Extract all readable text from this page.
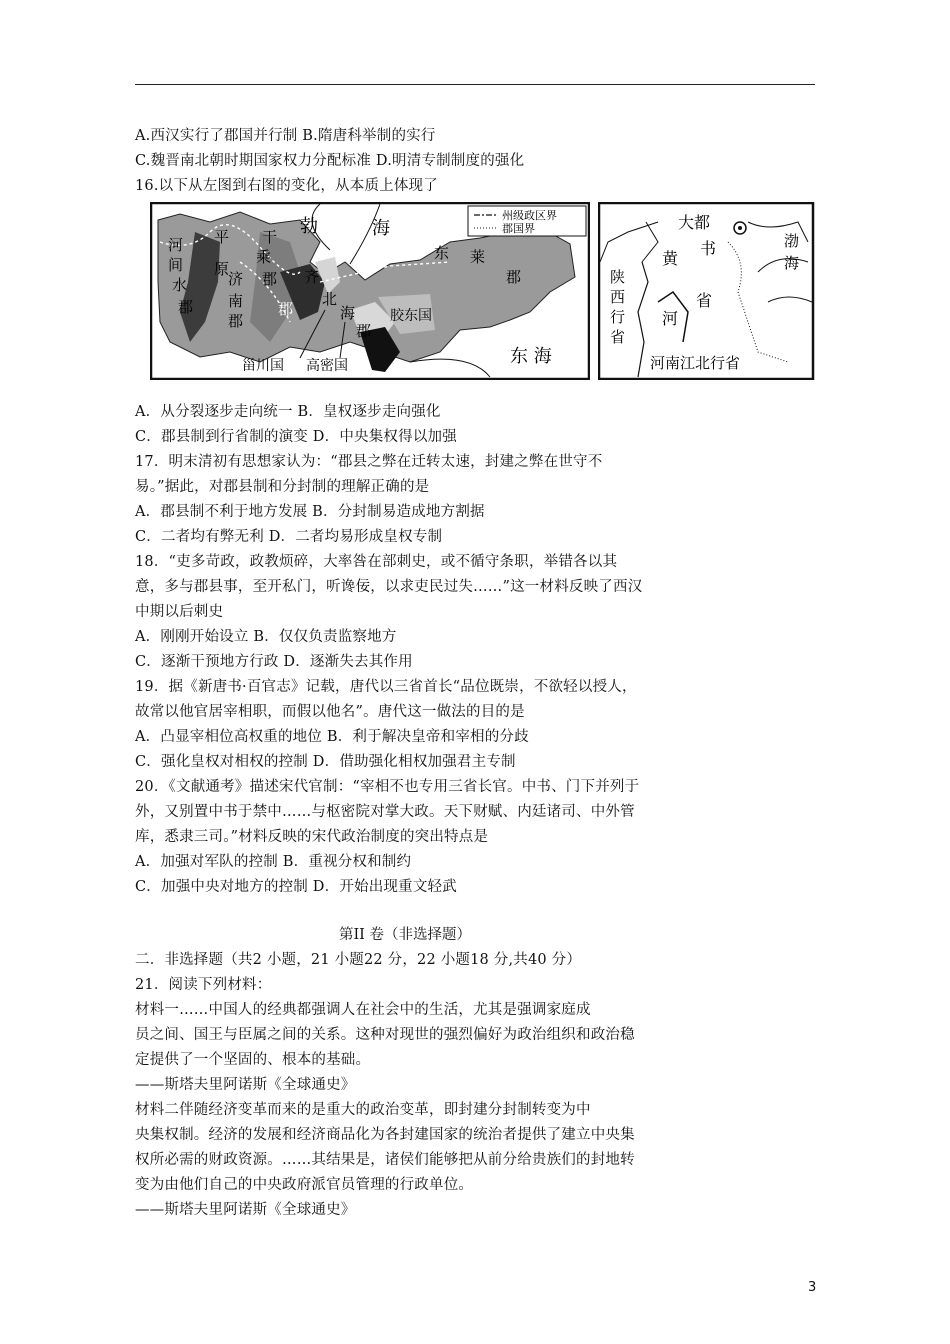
A.西汉实行了郡国并行制 B.隋唐科举制的实行
C.魏晋南北朝时期国家权力分配标准 D.明清专制制度的强化
16.以下从左图到右图的变化，从本质上体现了
州级政区界
郡国界
河
间
平
原
水
郡
济
南
郡
干
乘
郡 齐
郡
勃	海
北
海
郡
东 莱
郡
胶东国
甾川国 高密国	东 海
大都
书
省
黄
河
渤
海
陕
西
行
省
河南江北行省
A．从分裂逐步走向统一 B．皇权逐步走向强化
C．郡县制到行省制的演变 D．中央集权得以加强
17．明末清初有思想家认为：“郡县之弊在迁转太速，封建之弊在世守不
易。”据此，对郡县制和分封制的理解正确的是
A．郡县制不利于地方发展 B．分封制易造成地方割据
C．二者均有弊无利 D．二者均易形成皇权专制
18．“吏多苛政，政教烦碎，大率咎在部刺史，或不循守条职，举错各以其
意，多与郡县事，至开私门，听谗佞，以求吏民过失……”这一材料反映了西汉
中期以后刺史
A．刚刚开始设立 B．仅仅负责监察地方
C．逐渐干预地方行政 D．逐渐失去其作用
19．据《新唐书·百官志》记载，唐代以三省首长“品位既崇，不欲轻以授人，
故常以他官居宰相职，而假以他名”。唐代这一做法的目的是
A．凸显宰相位高权重的地位 B．利于解决皇帝和宰相的分歧
C．强化皇权对相权的控制 D．借助强化相权加强君主专制
20．《文献通考》描述宋代官制：“宰相不也专用三省长官。中书、门下并列于
外，又别置中书于禁中……与枢密院对掌大政。天下财赋、内廷诸司、中外管
库，悉隶三司。”材料反映的宋代政治制度的突出特点是
A．加强对军队的控制 B．重视分权和制约
C．加强中央对地方的控制 D．开始出现重文轻武
第II 卷（非选择题）
二．非选择题（共2 小题，21 小题22 分，22 小题18 分,共40 分）
21．阅读下列材料：
材料一……中国人的经典都强调人在社会中的生活，尤其是强调家庭成
员之间、国王与臣属之间的关系。这种对现世的强烈偏好为政治组织和政治稳
定提供了一个坚固的、根本的基础。
——斯塔夫里阿诺斯《全球通史》
材料二伴随经济变革而来的是重大的政治变革，即封建分封制转变为中
央集权制。经济的发展和经济商品化为各封建国家的统治者提供了建立中央集
权所必需的财政资源。……其结果是，诸侯们能够把从前分给贵族们的封地转
变为由他们自己的中央政府派官员管理的行政单位。
——斯塔夫里阿诺斯《全球通史》
3
